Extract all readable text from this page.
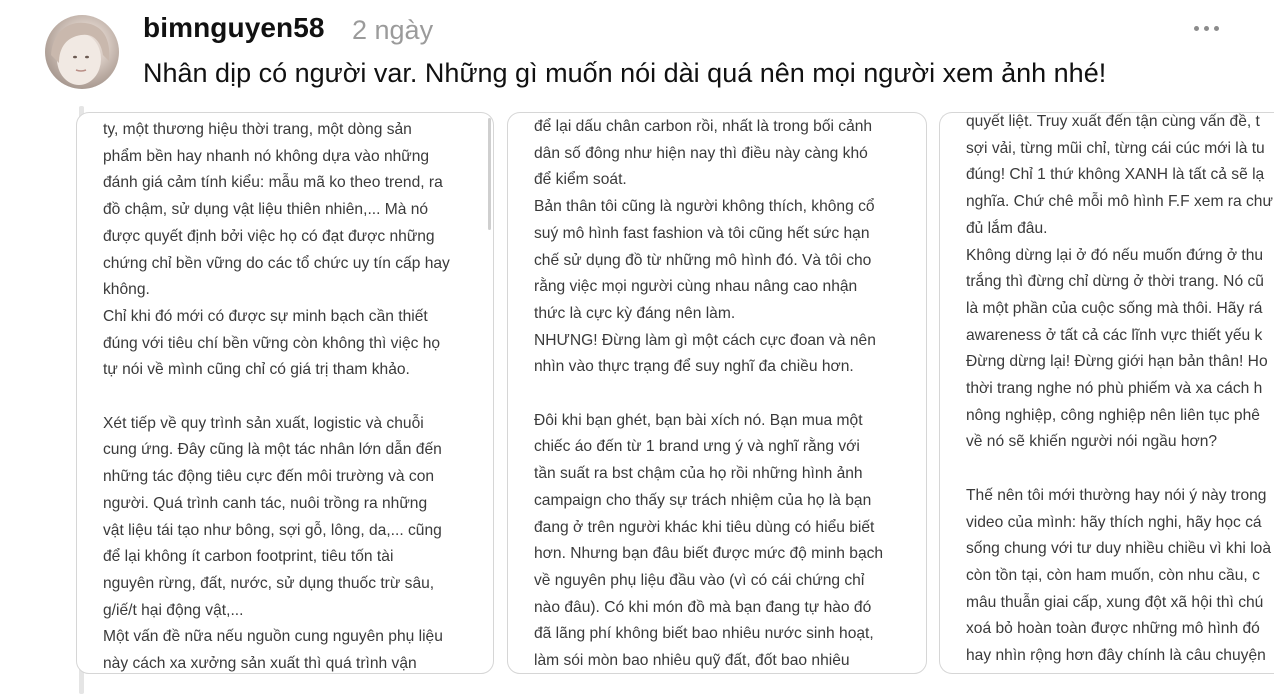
bimnguyen58 2 ngày
Nhân dịp có người var. Những gì muốn nói dài quá nên mọi người xem ảnh nhé!
ty, một thương hiệu thời trang, một dòng sản
phẩm bền hay nhanh nó không dựa vào những
đánh giá cảm tính kiểu: mẫu mã ko theo trend, ra
đồ chậm, sử dụng vật liệu thiên nhiên,... Mà nó
được quyết định bởi việc họ có đạt được những
chứng chỉ bền vững do các tổ chức uy tín cấp hay
không.
Chỉ khi đó mới có được sự minh bạch cần thiết
đúng với tiêu chí bền vững còn không thì việc họ
tự nói về mình cũng chỉ có giá trị tham khảo.

Xét tiếp về quy trình sản xuất, logistic và chuỗi
cung ứng. Đây cũng là một tác nhân lớn dẫn đến
những tác động tiêu cực đến môi trường và con
người. Quá trình canh tác, nuôi trồng ra những
vật liệu tái tạo như bông, sợi gỗ, lông, da,... cũng
để lại không ít carbon footprint, tiêu tốn tài
nguyên rừng, đất, nước, sử dụng thuốc trừ sâu,
g/iế/t hại động vật,...
Một vấn đề nữa nếu nguồn cung nguyên phụ liệu
này cách xa xưởng sản xuất thì quá trình vận
để lại dấu chân carbon rồi, nhất là trong bối cảnh
dân số đông như hiện nay thì điều này càng khó
để kiểm soát.
Bản thân tôi cũng là người không thích, không cổ
suý mô hình fast fashion và tôi cũng hết sức hạn
chế sử dụng đồ từ những mô hình đó. Và tôi cho
rằng việc mọi người cùng nhau nâng cao nhận
thức là cực kỳ đáng nên làm.
NHƯNG! Đừng làm gì một cách cực đoan và nên
nhìn vào thực trạng để suy nghĩ đa chiều hơn.

Đôi khi bạn ghét, bạn bài xích nó. Bạn mua một
chiếc áo đến từ 1 brand ưng ý và nghĩ rằng với
tần suất ra bst chậm của họ rồi những hình ảnh
campaign cho thấy sự trách nhiệm của họ là bạn
đang ở trên người khác khi tiêu dùng có hiểu biết
hơn. Nhưng bạn đâu biết được mức độ minh bạch
về nguyên phụ liệu đầu vào (vì có cái chứng chỉ
nào đâu). Có khi món đồ mà bạn đang tự hào đó
đã lãng phí không biết bao nhiêu nước sinh hoạt,
làm sói mòn bao nhiêu quỹ đất, đốt bao nhiêu
quyết liệt. Truy xuất đến tận cùng vấn đề, t
sợi vải, từng mũi chỉ, từng cái cúc mới là tu
đúng! Chỉ 1 thứ không XANH là tất cả sẽ lạ
nghĩa. Chứ chê mỗi mô hình F.F xem ra chư
đủ lắm đâu.
Không dừng lại ở đó nếu muốn đứng ở thu
trắng thì đừng chỉ dừng ở thời trang. Nó cũ
là một phần của cuộc sống mà thôi. Hãy rá
awareness ở tất cả các lĩnh vực thiết yếu k
Đừng dừng lại! Đừng giới hạn bản thân! Ho
thời trang nghe nó phù phiếm và xa cách h
nông nghiệp, công nghiệp nên liên tục phê
về nó sẽ khiến người nói ngầu hơn?

Thế nên tôi mới thường hay nói ý này trong
video của mình: hãy thích nghi, hãy học cá
sống chung với tư duy nhiều chiều vì khi loà
còn tồn tại, còn ham muốn, còn nhu cầu, c
mâu thuẫn giai cấp, xung đột xã hội thì chú
xoá bỏ hoàn toàn được những mô hình đó
hay nhìn rộng hơn đây chính là câu chuyện
